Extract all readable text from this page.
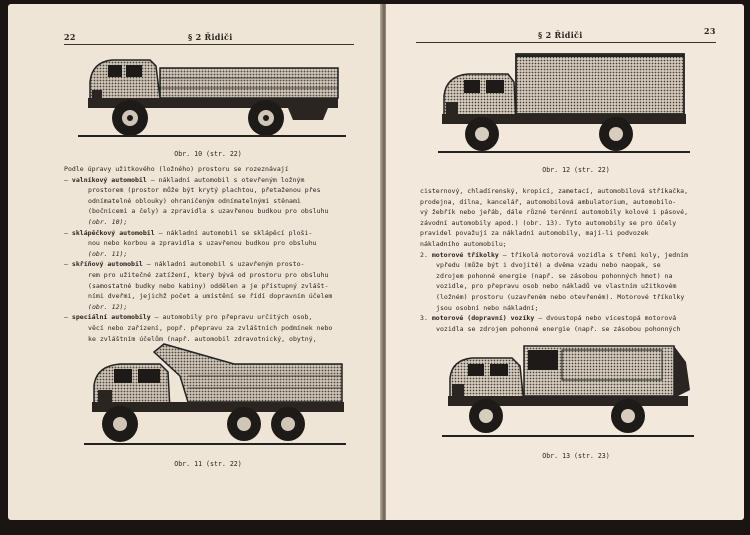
22	§ 2 Řidiči
Obr. 10 (str. 22)

Podle úpravy užitkového (ložného) prostoru se rozeznávají

— valníkový automobil — nákladní automobil s otevřeným ložným

prostorem (prostor může být krytý plachtou, přetaženou přes

odnímatelné oblouky) ohraničeným odnímatelnými stěnami

(bočnicemi a čely) a zpravidla s uzavřenou budkou pro obsluhu

(obr. 10);

— sklápěčkový automobil — nákladní automobil se sklápěcí ploši-

nou nebo korbou a zpravidla s uzavřenou budkou pro obsluhu

(obr. 11);

— skříňový automobil — nákladní automobil s uzavřeným prosto-

rem pro užitečné zatížení, který bývá od prostoru pro obsluhu

(samostatné budky nebo kabiny) oddělen a je přístupný zvlášt-

ními dveřmi, jejichž počet a umístění se řídí dopravním účelem

(obr. 12);

— speciální automobily — automobily pro přepravu určitých osob,

věcí nebo zařízení, popř. přepravu za zvláštních podmínek nebo

ke zvláštním účelům (např. automobil zdravotnický, obytný,

Obr. 11 (str. 22)
§ 2 Řidiči	23
Obr. 12 (str. 22)

cisternový, chladírenský, kropicí, zametací, automobilová stříkačka,

prodejna, dílna, kancelář, automobilová ambulatorium, automobilo-

vý žebřík nebo jeřáb, dále různé terénní automobily kolové i pásové,

závodní automobily apod.) (obr. 13). Tyto automobily se pro účely

pravidel považují za nákladní automobily, mají-li podvozek

nákladního automobilu;

2. motorové tříkolky — tříkolá motorová vozidla s třemi koly, jedním

vpředu (může být i dvojité) a dvěma vzadu nebo naopak, se

zdrojem pohonné energie (např. se zásobou pohonných hmot) na

vozidle, pro přepravu osob nebo nákladů ve vlastním užitkovém

(ložném) prostoru (uzavřeném nebo otevřeném). Motorové tříkolky

jsou osobní nebo nákladní;

3. motorové (dopravní) vozíky — dvoustopá nebo vícestopá motorová

vozidla se zdrojem pohonné energie (např. se zásobou pohonných

Obr. 13 (str. 23)
